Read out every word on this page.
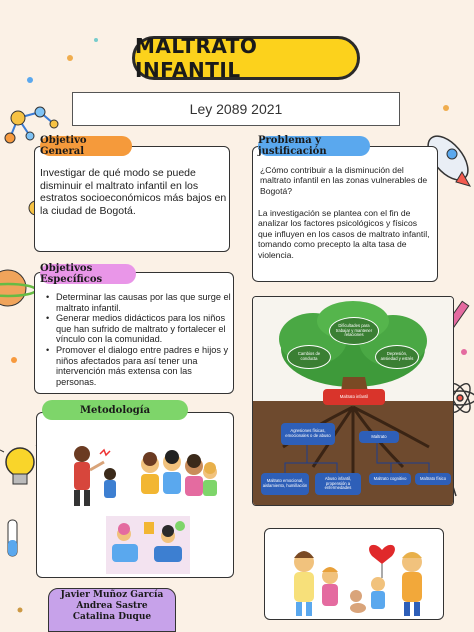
MALTRATO INFANTIL
Ley 2089 2021
Objetivo General
Investigar de qué modo se puede disminuir el maltrato infantil en los estratos socioeconómicos más bajos en la ciudad de Bogotá.
Problema y justificación
¿Cómo contribuir a la disminución del maltrato infantil en las zonas vulnerables de Bogotá?
La investigación se plantea con el fin de analizar los factores psicológicos y físicos que influyen en los casos de maltrato infantil, tomando como precepto la alta tasa de violencia.
Objetivos Específicos
• Determinar las causas por las que surge el maltrato infantil.
• Generar medios didácticos para los niños que han sufrido de maltrato y fortalecer el vínculo con la comunidad.
• Promover el dialogo entre padres e hijos y niños afectados para así tener una intervención más extensa con las personas.
Metodología
Javier Muñoz García
Andrea Sastre
Catalina Duque
Dificultades para trabajar y mantener relaciones
Cambios de conducta
Depresión, ansiedad y estrés
Maltrato infantil
Agresiones físicas, emocionales o de abuso	Maltrato
Maltrato emocional, aislamiento, humillación
Abuso infantil, propensión a enfermedades
Maltrato cognitivo	Maltrato físico
